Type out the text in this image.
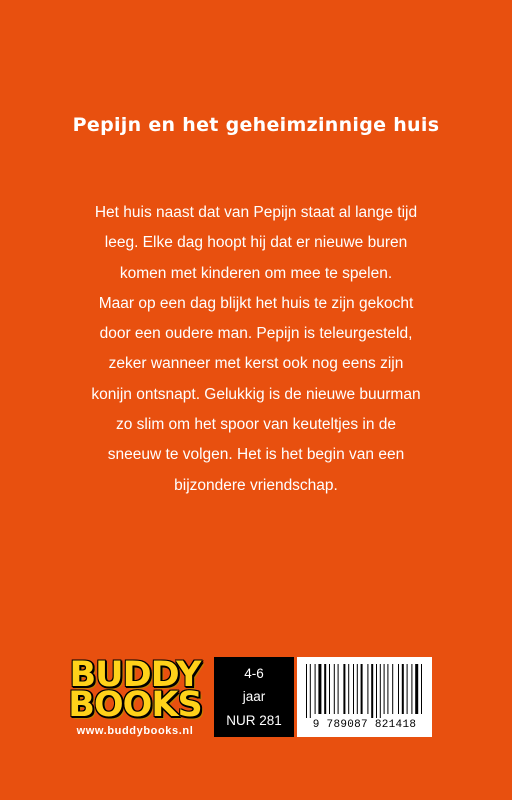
Pepijn en het geheimzinnige huis
Het huis naast dat van Pepijn staat al lange tijd
leeg. Elke dag hoopt hij dat er nieuwe buren
komen met kinderen om mee te spelen.
Maar op een dag blijkt het huis te zijn gekocht
door een oudere man. Pepijn is teleurgesteld,
zeker wanneer met kerst ook nog eens zijn
konijn ontsnapt. Gelukkig is de nieuwe buurman
zo slim om het spoor van keuteltjes in de
sneeuw te volgen. Het is het begin van een
bijzondere vriendschap.
BUDDY
BOOKS
www.buddybooks.nl
4-6
jaar
NUR 281	9 789087 821418
